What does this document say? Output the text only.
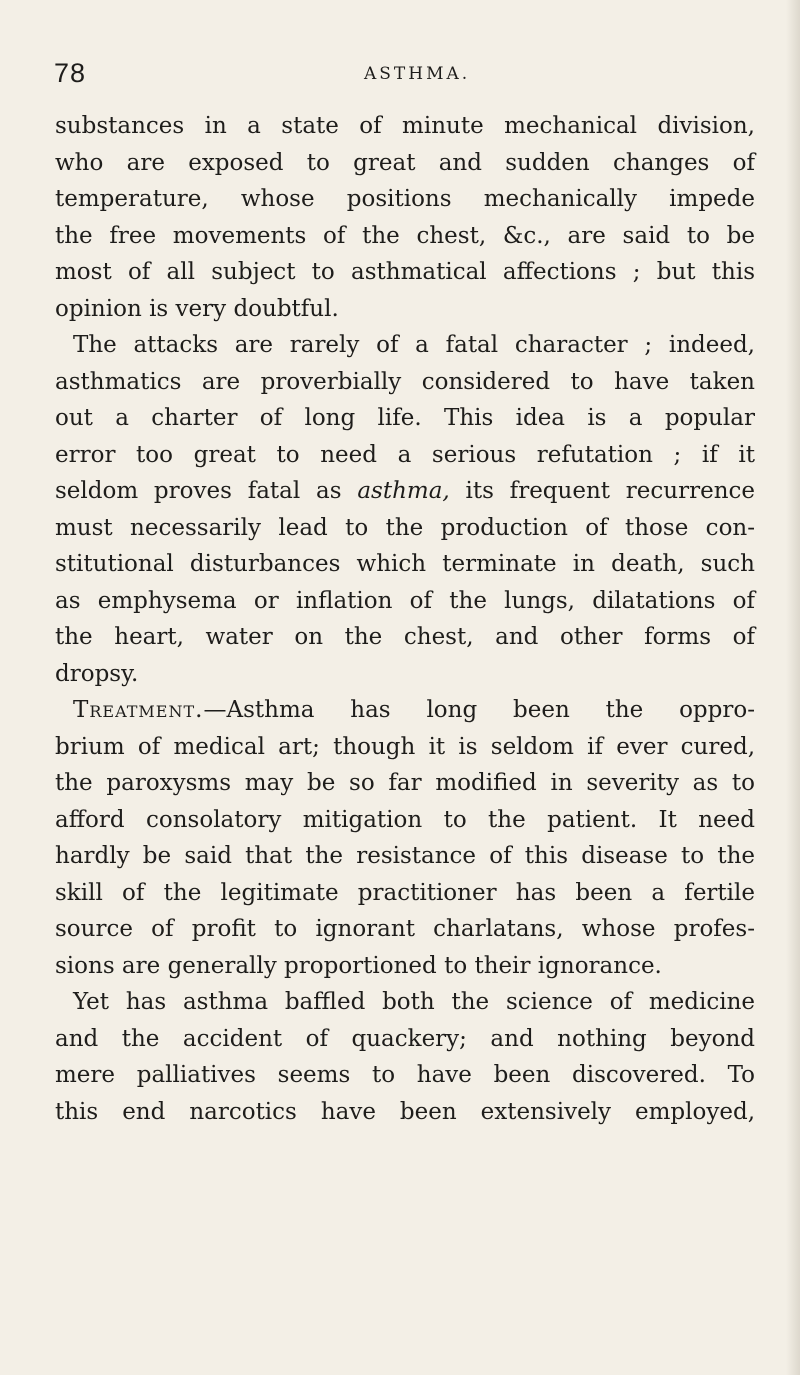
78	ASTHMA.
substances in a state of minute mechanical division,
who are exposed to great and sudden changes of
temperature, whose positions mechanically impede
the free movements of the chest, &c., are said to be
most of all subject to asthmatical affections ; but this
opinion is very doubtful.
The attacks are rarely of a fatal character ; indeed,
asthmatics are proverbially considered to have taken
out a charter of long life. This idea is a popular
error too great to need a serious refutation ; if it
seldom proves fatal as asthma, its frequent recurrence
must necessarily lead to the production of those con-
stitutional disturbances which terminate in death, such
as emphysema or inflation of the lungs, dilatations of
the heart, water on the chest, and other forms of
dropsy.
Treatment.—Asthma has long been the oppro-
brium of medical art; though it is seldom if ever cured,
the paroxysms may be so far modified in severity as to
afford consolatory mitigation to the patient. It need
hardly be said that the resistance of this disease to the
skill of the legitimate practitioner has been a fertile
source of profit to ignorant charlatans, whose profes-
sions are generally proportioned to their ignorance.
Yet has asthma baffled both the science of medicine
and the accident of quackery; and nothing beyond
mere palliatives seems to have been discovered. To
this end narcotics have been extensively employed,
